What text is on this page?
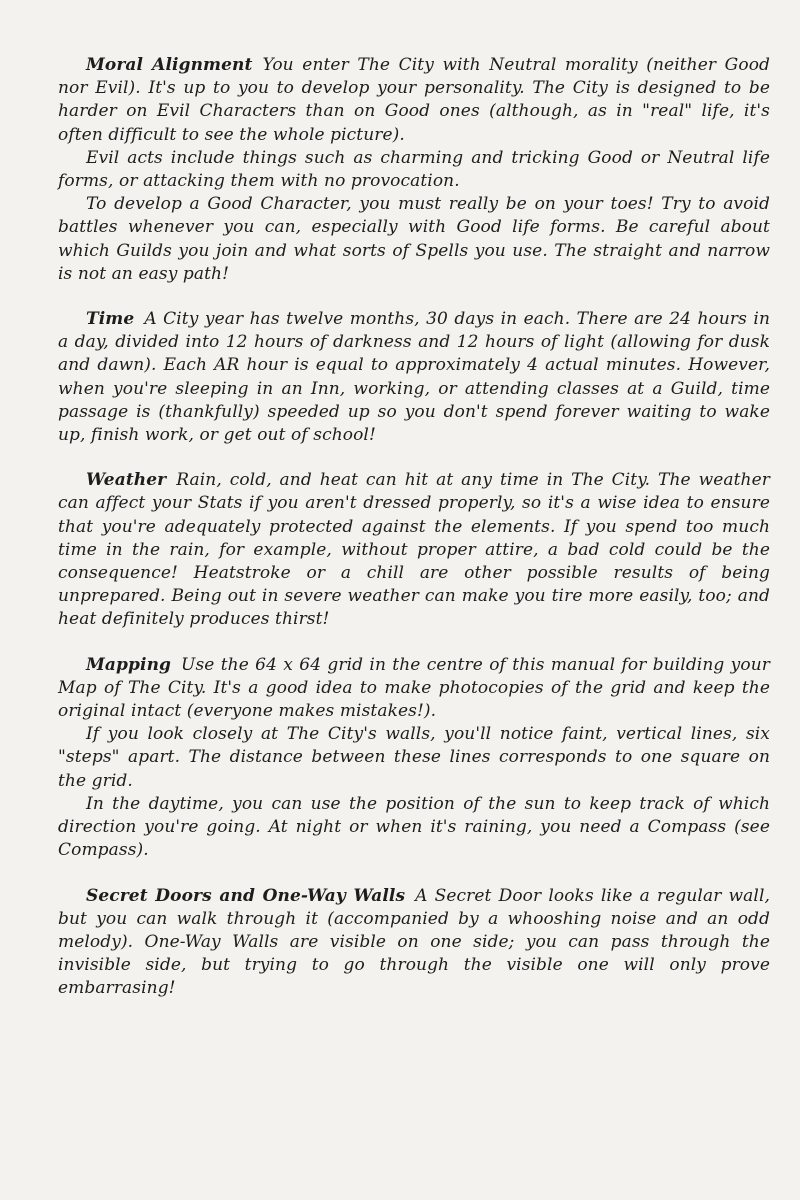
Moral Alignment You enter The City with Neutral morality (neither Good nor Evil). It's up to you to develop your personality. The City is designed to be harder on Evil Characters than on Good ones (although, as in "real" life, it's often difficult to see the whole picture).

Evil acts include things such as charming and tricking Good or Neutral life forms, or attacking them with no provocation.

To develop a Good Character, you must really be on your toes! Try to avoid battles whenever you can, especially with Good life forms. Be careful about which Guilds you join and what sorts of Spells you use. The straight and narrow is not an easy path!

Time A City year has twelve months, 30 days in each. There are 24 hours in a day, divided into 12 hours of darkness and 12 hours of light (allowing for dusk and dawn). Each AR hour is equal to approximately 4 actual minutes. However, when you're sleeping in an Inn, working, or attending classes at a Guild, time passage is (thankfully) speeded up so you don't spend forever waiting to wake up, finish work, or get out of school!

Weather Rain, cold, and heat can hit at any time in The City. The weather can affect your Stats if you aren't dressed properly, so it's a wise idea to ensure that you're adequately protected against the elements. If you spend too much time in the rain, for example, without proper attire, a bad cold could be the consequence! Heatstroke or a chill are other possible results of being unprepared. Being out in severe weather can make you tire more easily, too; and heat definitely produces thirst!

Mapping Use the 64 x 64 grid in the centre of this manual for building your Map of The City. It's a good idea to make photocopies of the grid and keep the original intact (everyone makes mistakes!).

If you look closely at The City's walls, you'll notice faint, vertical lines, six "steps" apart. The distance between these lines corresponds to one square on the grid.

In the daytime, you can use the position of the sun to keep track of which direction you're going. At night or when it's raining, you need a Compass (see Compass).

Secret Doors and One-Way Walls A Secret Door looks like a regular wall, but you can walk through it (accompanied by a whooshing noise and an odd melody). One-Way Walls are visible on one side; you can pass through the invisible side, but trying to go through the visible one will only prove embarrasing!
